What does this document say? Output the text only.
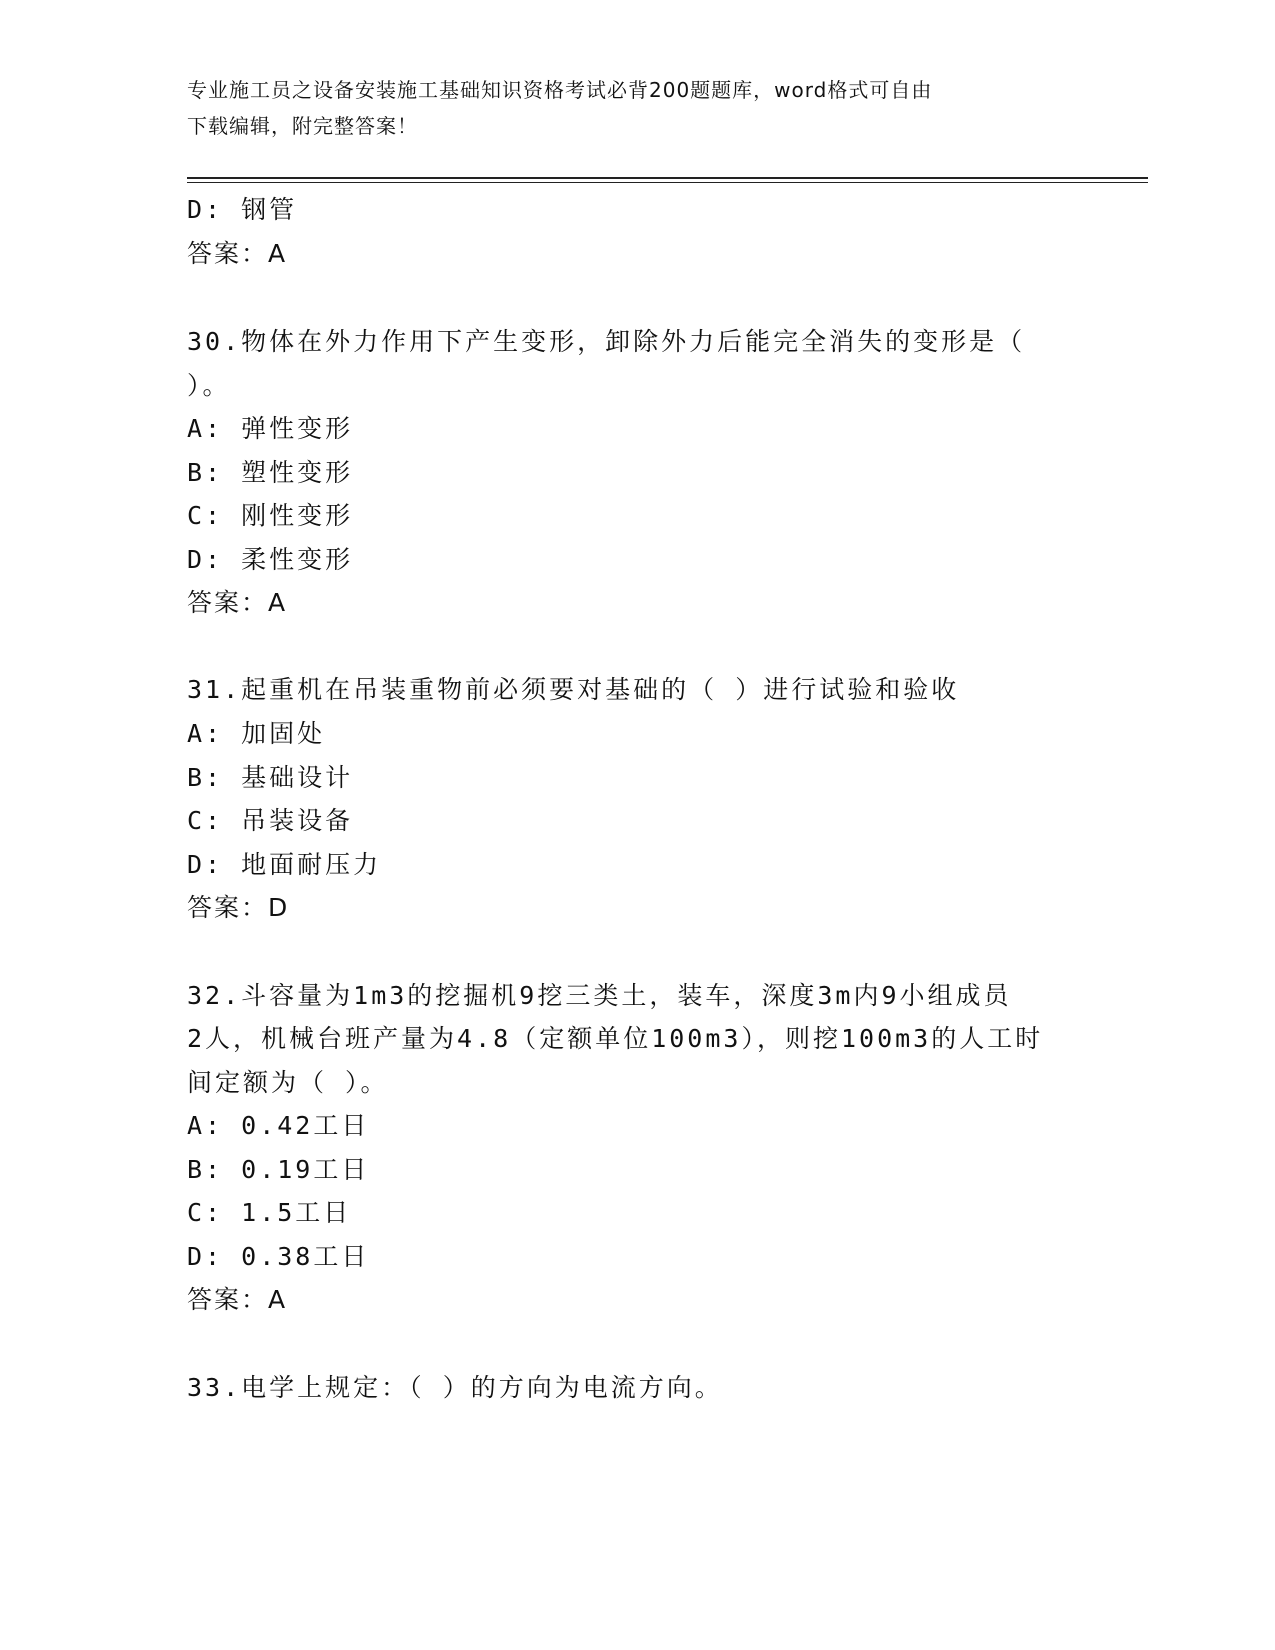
专业施工员之设备安装施工基础知识资格考试必背200题题库，word格式可自由
下载编辑，附完整答案！
D: 钢管
答案：A
30.物体在外力作用下产生变形，卸除外力后能完全消失的变形是（
）。
A: 弹性变形
B: 塑性变形
C: 刚性变形
D: 柔性变形
答案：A
31.起重机在吊装重物前必须要对基础的（ ）进行试验和验收
A: 加固处
B: 基础设计
C: 吊装设备
D: 地面耐压力
答案：D
32.斗容量为1m3的挖掘机9挖三类土，装车，深度3m内9小组成员
2人，机械台班产量为4.8（定额单位100m3），则挖100m3的人工时
间定额为（ ）。
A: 0.42工日
B: 0.19工日
C: 1.5工日
D: 0.38工日
答案：A
33.电学上规定：（ ）的方向为电流方向。
